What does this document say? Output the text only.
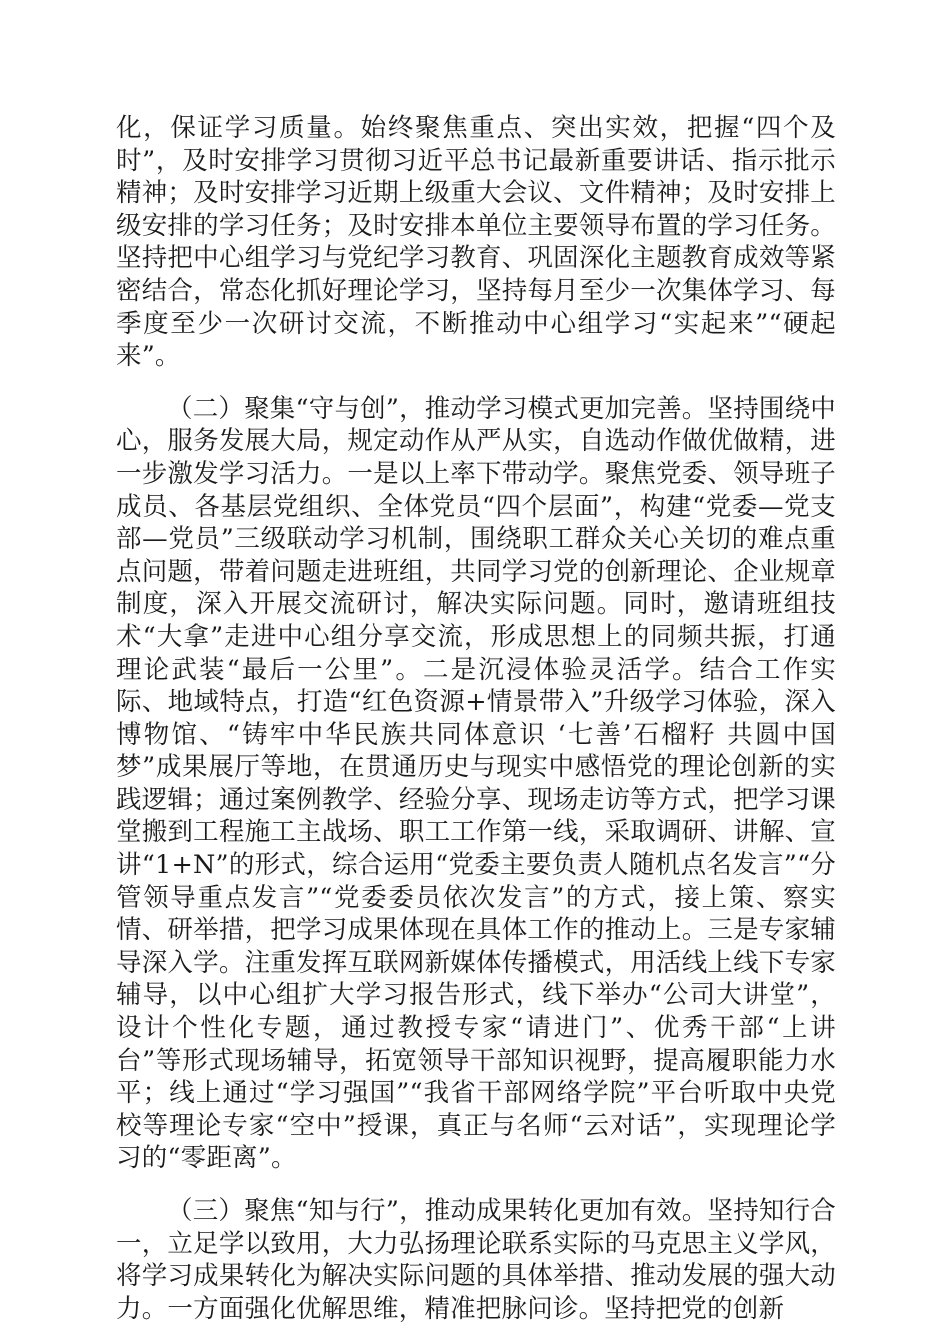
化，保证学习质量。始终聚焦重点、突出实效，把握“四个及时”，及时安排学习贯彻习近平总书记最新重要讲话、指示批示精神；及时安排学习近期上级重大会议、文件精神；及时安排上级安排的学习任务；及时安排本单位主要领导布置的学习任务。坚持把中心组学习与党纪学习教育、巩固深化主题教育成效等紧密结合，常态化抓好理论学习，坚持每月至少一次集体学习、每季度至少一次研讨交流，不断推动中心组学习“实起来”“硬起来”。

（二）聚集“守与创”，推动学习模式更加完善。坚持围绕中心，服务发展大局，规定动作从严从实，自选动作做优做精，进一步激发学习活力。一是以上率下带动学。聚焦党委、领导班子成员、各基层党组织、全体党员“四个层面”，构建“党委—党支部—党员”三级联动学习机制，围绕职工群众关心关切的难点重点问题，带着问题走进班组，共同学习党的创新理论、企业规章制度，深入开展交流研讨，解决实际问题。同时，邀请班组技术“大拿”走进中心组分享交流，形成思想上的同频共振，打通理论武装“最后一公里”。二是沉浸体验灵活学。结合工作实际、地域特点，打造“红色资源+情景带入”升级学习体验，深入博物馆、“铸牢中华民族共同体意识 ‘七善’石榴籽 共圆中国梦”成果展厅等地，在贯通历史与现实中感悟党的理论创新的实践逻辑；通过案例教学、经验分享、现场走访等方式，把学习课堂搬到工程施工主战场、职工工作第一线，采取调研、讲解、宣讲“1+N”的形式，综合运用“党委主要负责人随机点名发言”“分管领导重点发言”“党委委员依次发言”的方式，接上策、察实情、研举措，把学习成果体现在具体工作的推动上。三是专家辅导深入学。注重发挥互联网新媒体传播模式，用活线上线下专家辅导，以中心组扩大学习报告形式，线下举办“公司大讲堂”，设计个性化专题，通过教授专家“请进门”、优秀干部“上讲台”等形式现场辅导，拓宽领导干部知识视野，提高履职能力水平；线上通过“学习强国”“我省干部网络学院”平台听取中央党校等理论专家“空中”授课，真正与名师“云对话”，实现理论学习的“零距离”。

（三）聚焦“知与行”，推动成果转化更加有效。坚持知行合一，立足学以致用，大力弘扬理论联系实际的马克思主义学风，将学习成果转化为解决实际问题的具体举措、推动发展的强大动力。一方面强化优解思维，精准把脉问诊。坚持把党的创新
